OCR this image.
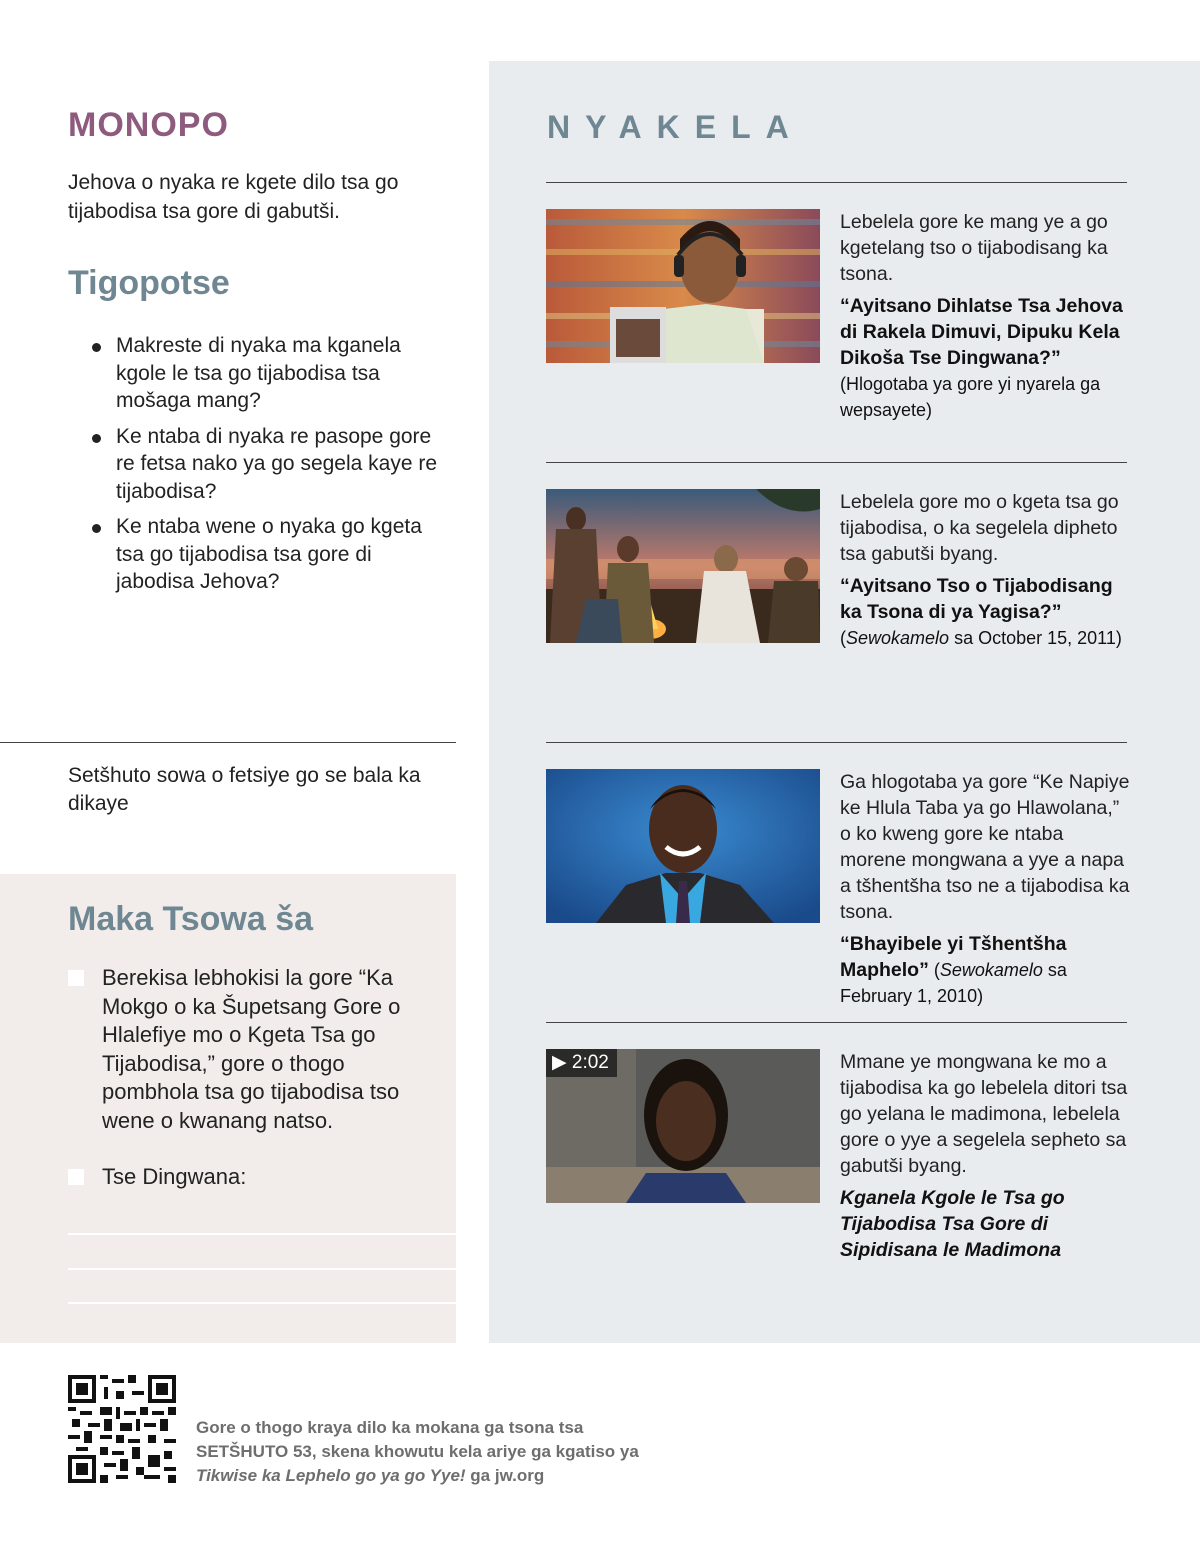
MONOPO
Jehova o nyaka re kgete dilo tsa go tijabodisa tsa gore di gabutši.
Tigopotse
Makreste di nyaka ma kganela kgole le tsa go tijabodisa tsa mošaga mang?
Ke ntaba di nyaka re pasope gore re fetsa nako ya go segela kaye re tijabodisa?
Ke ntaba wene o nyaka go kgeta tsa go tijabodisa tsa gore di jabodisa Jehova?
Setšhuto sowa o fetsiye go se bala ka dikaye
Maka Tsowa ša
Berekisa lebhokisi la gore “Ka Mokgo o ka Šupetsang Gore o Hlalefiye mo o Kgeta Tsa go Tijabodisa,” gore o thogo pombhola tsa go tijabodisa tso wene o kwanang natso.
Tse Dingwana:
NYAKELA
Lebelela gore ke mang ye a go kgetelang tso o tijabodisang ka tsona.
“Ayitsano Dihlatse Tsa Jehova di Rakela Dimuvi, Dipuku Kela Dikoša Tse Dingwana?”
(Hlogotaba ya gore yi nyarela ga wepsayete)
Lebelela gore mo o kgeta tsa go tijabodisa, o ka segelela dipheto tsa gabutši byang.
“Ayitsano Tso o Tijabodisang ka Tsona di ya Yagisa?”
(Sewokamelo sa October 15, 2011)
Ga hlogotaba ya gore “Ke Napiye ke Hlula Taba ya go Hlawolana,” o ko kweng gore ke ntaba morene mongwana a yye a napa a tšhentšha tso ne a tijabodisa ka tsona.
“Bhayibele yi Tšhentšha Maphelo” (Sewokamelo sa February 1, 2010)
▶ 2:02	Mmane ye mongwana ke mo a tijabodisa ka go lebelela ditori tsa go yelana le madimona, lebelela gore o yye a segelela sepheto sa gabutši byang.
Kganela Kgole le Tsa go Tijabodisa Tsa Gore di Sipidisana le Madimona
Gore o thogo kraya dilo ka mokana ga tsona tsa
SETŠHUTO 53, skena khowutu kela ariye ga kgatiso ya
Tikwise ka Lephelo go ya go Yye! ga jw.org
